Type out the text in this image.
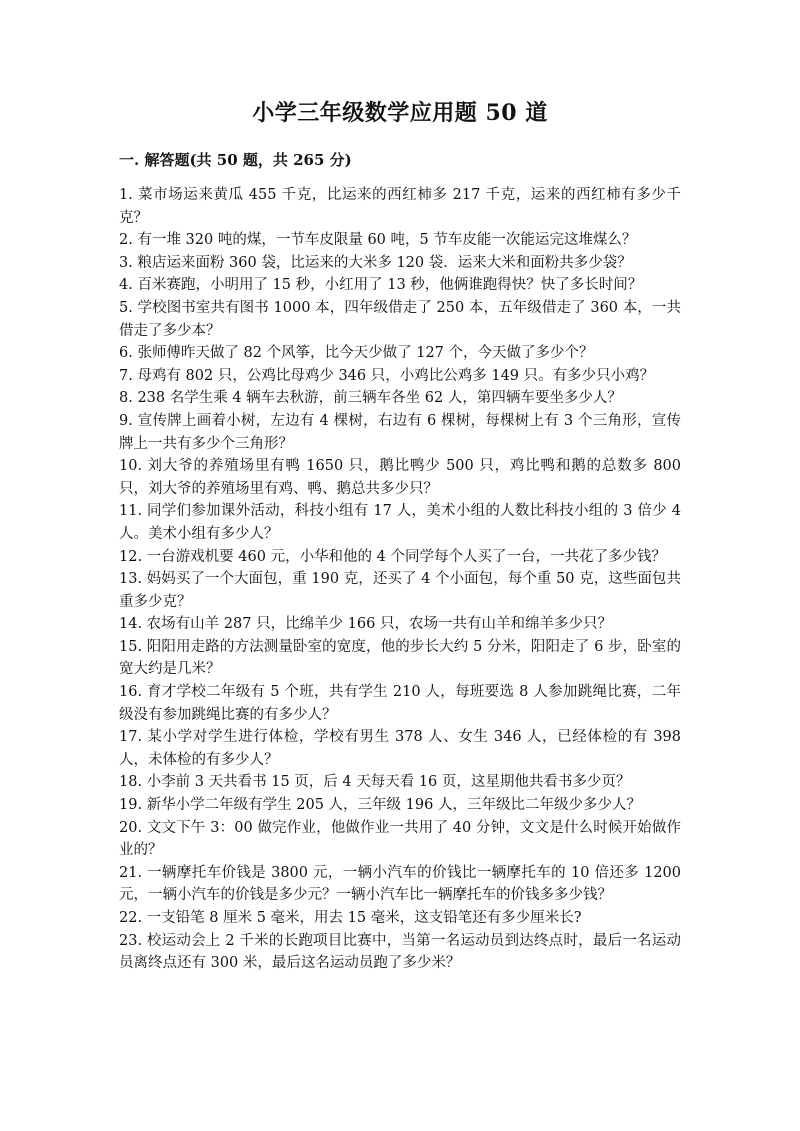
小学三年级数学应用题 50 道
一. 解答题(共 50 题，共 265 分)
1. 菜市场运来黄瓜 455 千克，比运来的西红柿多 217 千克，运来的西红柿有多少千克？
2. 有一堆 320 吨的煤，一节车皮限量 60 吨，5 节车皮能一次能运完这堆煤么？
3. 粮店运来面粉 360 袋，比运来的大米多 120 袋．运来大米和面粉共多少袋？
4. 百米赛跑，小明用了 15 秒，小红用了 13 秒，他俩谁跑得快？快了多长时间？
5. 学校图书室共有图书 1000 本，四年级借走了 250 本，五年级借走了 360 本，一共借走了多少本？
6. 张师傅昨天做了 82 个风筝，比今天少做了 127 个，今天做了多少个？
7. 母鸡有 802 只，公鸡比母鸡少 346 只，小鸡比公鸡多 149 只。有多少只小鸡？
8. 238 名学生乘 4 辆车去秋游，前三辆车各坐 62 人，第四辆车要坐多少人？
9. 宣传牌上画着小树，左边有 4 棵树，右边有 6 棵树，每棵树上有 3 个三角形，宣传牌上一共有多少个三角形？
10. 刘大爷的养殖场里有鸭 1650 只，鹅比鸭少 500 只，鸡比鸭和鹅的总数多 800 只，刘大爷的养殖场里有鸡、鸭、鹅总共多少只？
11. 同学们参加课外活动，科技小组有 17 人，美术小组的人数比科技小组的 3 倍少 4 人。美术小组有多少人？
12. 一台游戏机要 460 元，小华和他的 4 个同学每个人买了一台，一共花了多少钱？
13. 妈妈买了一个大面包，重 190 克，还买了 4 个小面包，每个重 50 克，这些面包共重多少克？
14. 农场有山羊 287 只，比绵羊少 166 只，农场一共有山羊和绵羊多少只？
15. 阳阳用走路的方法测量卧室的宽度，他的步长大约 5 分米，阳阳走了 6 步，卧室的宽大约是几米？
16. 育才学校二年级有 5 个班，共有学生 210 人，每班要选 8 人参加跳绳比赛，二年级没有参加跳绳比赛的有多少人？
17. 某小学对学生进行体检，学校有男生 378 人、女生 346 人，已经体检的有 398 人，未体检的有多少人？
18. 小李前 3 天共看书 15 页，后 4 天每天看 16 页，这星期他共看书多少页？
19. 新华小学二年级有学生 205 人，三年级 196 人，三年级比二年级少多少人？
20. 文文下午 3：00 做完作业，他做作业一共用了 40 分钟，文文是什么时候开始做作业的？
21. 一辆摩托车价钱是 3800 元，一辆小汽车的价钱比一辆摩托车的 10 倍还多 1200 元，一辆小汽车的价钱是多少元？一辆小汽车比一辆摩托车的价钱多多少钱？
22. 一支铅笔 8 厘米 5 毫米，用去 15 毫米，这支铅笔还有多少厘米长?
23. 校运动会上 2 千米的长跑项目比赛中，当第一名运动员到达终点时，最后一名运动员离终点还有 300 米，最后这名运动员跑了多少米？
